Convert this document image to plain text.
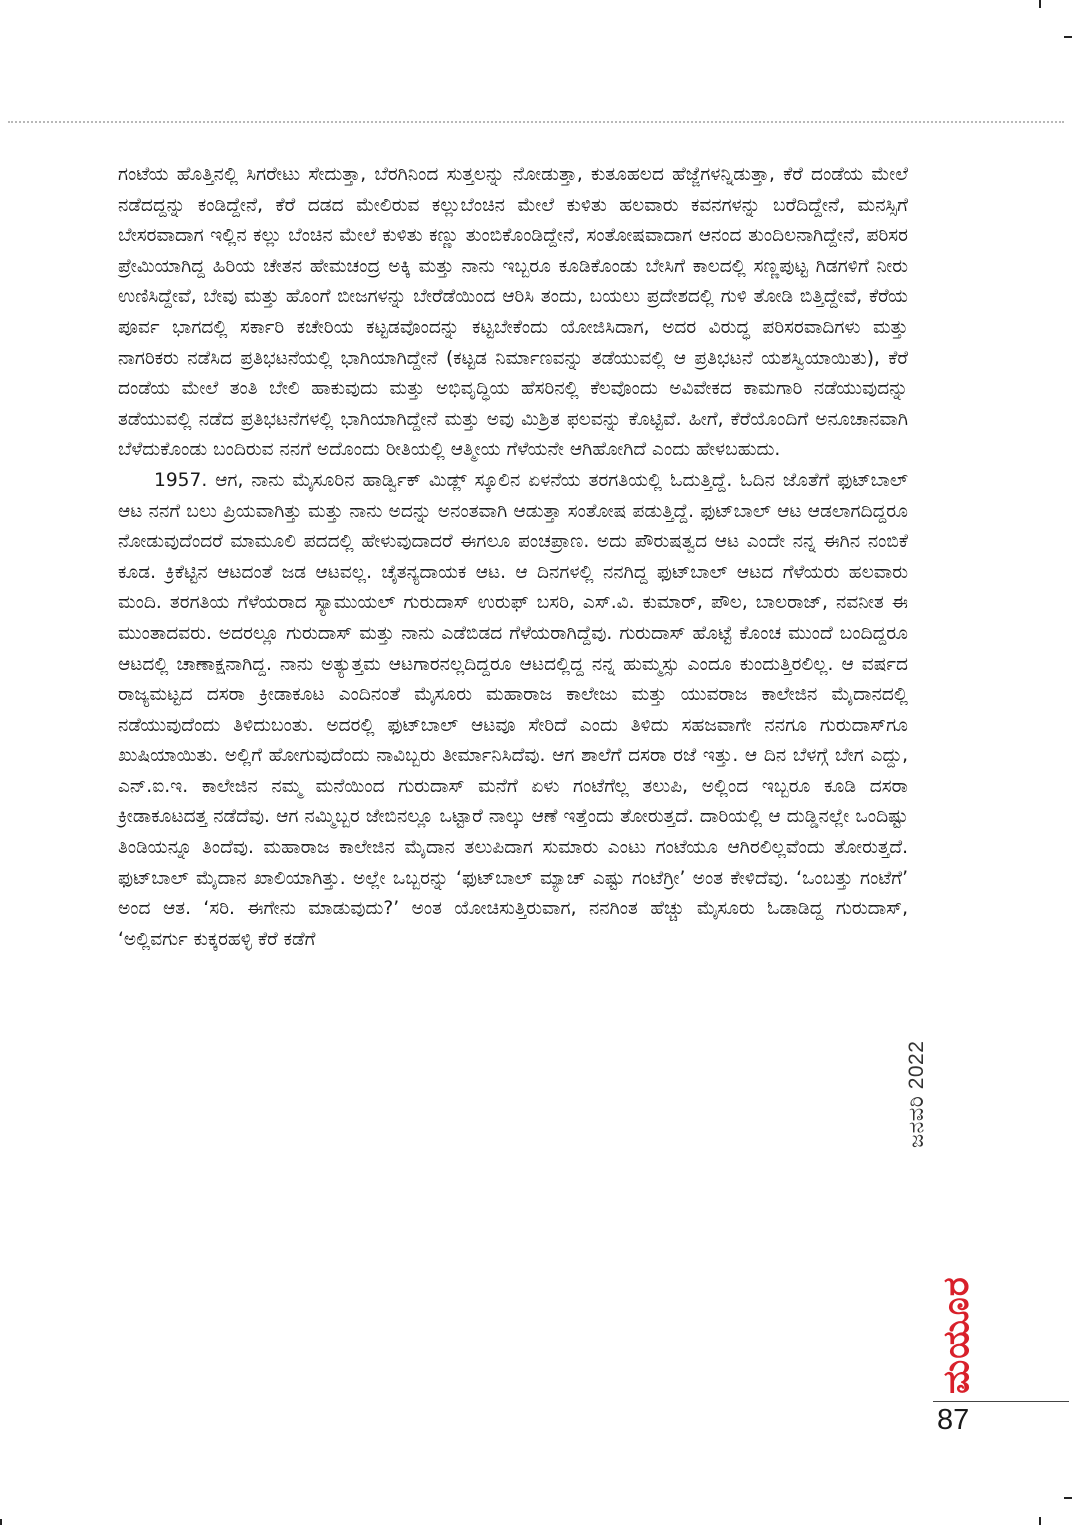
ಗಂಟೆಯ ಹೊತ್ತಿನಲ್ಲಿ ಸಿಗರೇಟು ಸೇದುತ್ತಾ, ಬೆರಗಿನಿಂದ ಸುತ್ತಲನ್ನು ನೋಡುತ್ತಾ, ಕುತೂಹಲದ ಹೆಜ್ಜೆಗಳನ್ನಿಡುತ್ತಾ, ಕೆರೆ ದಂಡೆಯ ಮೇಲೆ ನಡೆದದ್ದನ್ನು ಕಂಡಿದ್ದೇನೆ, ಕೆರೆ ದಡದ ಮೇಲಿರುವ ಕಲ್ಲುಬೆಂಚಿನ ಮೇಲೆ ಕುಳಿತು ಹಲವಾರು ಕವನಗಳನ್ನು ಬರೆದಿದ್ದೇನೆ, ಮನಸ್ಸಿಗೆ ಬೇಸರವಾದಾಗ ಇಲ್ಲಿನ ಕಲ್ಲು ಬೆಂಚಿನ ಮೇಲೆ ಕುಳಿತು ಕಣ್ಣು ತುಂಬಿಕೊಂಡಿದ್ದೇನೆ, ಸಂತೋಷವಾದಾಗ ಆನಂದ ತುಂದಿಲನಾಗಿದ್ದೇನೆ, ಪರಿಸರ ಪ್ರೇಮಿಯಾಗಿದ್ದ ಹಿರಿಯ ಚೇತನ ಹೇಮಚಂದ್ರ ಅಕ್ಕಿ ಮತ್ತು ನಾನು ಇಬ್ಬರೂ ಕೂಡಿಕೊಂಡು ಬೇಸಿಗೆ ಕಾಲದಲ್ಲಿ ಸಣ್ಣಪುಟ್ಟ ಗಿಡಗಳಿಗೆ ನೀರು ಉಣಿಸಿದ್ದೇವೆ, ಬೇವು ಮತ್ತು ಹೊಂಗೆ ಬೀಜಗಳನ್ನು ಬೇರೆಡೆಯಿಂದ ಆರಿಸಿ ತಂದು, ಬಯಲು ಪ್ರದೇಶದಲ್ಲಿ ಗುಳಿ ತೋಡಿ ಬಿತ್ತಿದ್ದೇವೆ, ಕೆರೆಯ ಪೂರ್ವ ಭಾಗದಲ್ಲಿ ಸರ್ಕಾರಿ ಕಚೇರಿಯ ಕಟ್ಟಡವೊಂದನ್ನು ಕಟ್ಟಬೇಕೆಂದು ಯೋಜಿಸಿದಾಗ, ಅದರ ವಿರುದ್ಧ ಪರಿಸರವಾದಿಗಳು ಮತ್ತು ನಾಗರಿಕರು ನಡೆಸಿದ ಪ್ರತಿಭಟನೆಯಲ್ಲಿ ಭಾಗಿಯಾಗಿದ್ದೇನೆ (ಕಟ್ಟಡ ನಿರ್ಮಾಣವನ್ನು ತಡೆಯುವಲ್ಲಿ ಆ ಪ್ರತಿಭಟನೆ ಯಶಸ್ವಿಯಾಯಿತು), ಕೆರೆ ದಂಡೆಯ ಮೇಲೆ ತಂತಿ ಬೇಲಿ ಹಾಕುವುದು ಮತ್ತು ಅಭಿವೃದ್ಧಿಯ ಹೆಸರಿನಲ್ಲಿ ಕೆಲವೊಂದು ಅವಿವೇಕದ ಕಾಮಗಾರಿ ನಡೆಯುವುದನ್ನು ತಡೆಯುವಲ್ಲಿ ನಡೆದ ಪ್ರತಿಭಟನೆಗಳಲ್ಲಿ ಭಾಗಿಯಾಗಿದ್ದೇನೆ ಮತ್ತು ಅವು ಮಿಶ್ರಿತ ಫಲವನ್ನು ಕೊಟ್ಟಿವೆ. ಹೀಗೆ, ಕೆರೆಯೊಂದಿಗೆ ಅನೂಚಾನವಾಗಿ ಬೆಳೆದುಕೊಂಡು ಬಂದಿರುವ ನನಗೆ ಅದೊಂದು ರೀತಿಯಲ್ಲಿ ಆತ್ಮೀಯ ಗೆಳೆಯನೇ ಆಗಿಹೋಗಿದೆ ಎಂದು ಹೇಳಬಹುದು.

1957. ಆಗ, ನಾನು ಮೈಸೂರಿನ ಹಾರ್ಡ್ವಿಕ್ ಮಿಡ್ಲ್ ಸ್ಕೂಲಿನ ಏಳನೆಯ ತರಗತಿಯಲ್ಲಿ ಓದುತ್ತಿದ್ದೆ. ಓದಿನ ಜೊತೆಗೆ ಫುಟ್‌ಬಾಲ್ ಆಟ ನನಗೆ ಬಲು ಪ್ರಿಯವಾಗಿತ್ತು ಮತ್ತು ನಾನು ಅದನ್ನು ಅನಂತವಾಗಿ ಆಡುತ್ತಾ ಸಂತೋಷ ಪಡುತ್ತಿದ್ದೆ. ಫುಟ್‌ಬಾಲ್ ಆಟ ಆಡಲಾಗದಿದ್ದರೂ ನೋಡುವುದೆಂದರೆ ಮಾಮೂಲಿ ಪದದಲ್ಲಿ ಹೇಳುವುದಾದರೆ ಈಗಲೂ ಪಂಚಪ್ರಾಣ. ಅದು ಪೌರುಷತ್ವದ ಆಟ ಎಂದೇ ನನ್ನ ಈಗಿನ ನಂಬಿಕೆ ಕೂಡ. ಕ್ರಿಕೆಟ್ಟಿನ ಆಟದಂತೆ ಜಡ ಆಟವಲ್ಲ. ಚೈತನ್ಯದಾಯಕ ಆಟ. ಆ ದಿನಗಳಲ್ಲಿ ನನಗಿದ್ದ ಫುಟ್‌ಬಾಲ್ ಆಟದ ಗೆಳೆಯರು ಹಲವಾರು ಮಂದಿ. ತರಗತಿಯ ಗೆಳೆಯರಾದ ಸ್ಯಾಮುಯಲ್ ಗುರುದಾಸ್ ಉರುಫ್ ಬಸರಿ, ಎಸ್.ವಿ. ಕುಮಾರ್, ಪೌಲ, ಬಾಲರಾಜ್, ನವನೀತ ಈ ಮುಂತಾದವರು. ಅದರಲ್ಲೂ ಗುರುದಾಸ್ ಮತ್ತು ನಾನು ಎಡೆಬಿಡದ ಗೆಳೆಯರಾಗಿದ್ದೆವು. ಗುರುದಾಸ್ ಹೊಟ್ಟೆ ಕೊಂಚ ಮುಂದೆ ಬಂದಿದ್ದರೂ ಆಟದಲ್ಲಿ ಚಾಣಾಕ್ಷನಾಗಿದ್ದ. ನಾನು ಅತ್ಯುತ್ತಮ ಆಟಗಾರನಲ್ಲದಿದ್ದರೂ ಆಟದಲ್ಲಿದ್ದ ನನ್ನ ಹುಮ್ಮಸ್ಸು ಎಂದೂ ಕುಂದುತ್ತಿರಲಿಲ್ಲ. ಆ ವರ್ಷದ ರಾಜ್ಯಮಟ್ಟದ ದಸರಾ ಕ್ರೀಡಾಕೂಟ ಎಂದಿನಂತೆ ಮೈಸೂರು ಮಹಾರಾಜ ಕಾಲೇಜು ಮತ್ತು ಯುವರಾಜ ಕಾಲೇಜಿನ ಮೈದಾನದಲ್ಲಿ ನಡೆಯುವುದೆಂದು ತಿಳಿದುಬಂತು. ಅದರಲ್ಲಿ ಫುಟ್‌ಬಾಲ್ ಆಟವೂ ಸೇರಿದೆ ಎಂದು ತಿಳಿದು ಸಹಜವಾಗೇ ನನಗೂ ಗುರುದಾಸ್‌ಗೂ ಖುಷಿಯಾಯಿತು. ಅಲ್ಲಿಗೆ ಹೋಗುವುದೆಂದು ನಾವಿಬ್ಬರು ತೀರ್ಮಾನಿಸಿದೆವು. ಆಗ ಶಾಲೆಗೆ ದಸರಾ ರಜೆ ಇತ್ತು. ಆ ದಿನ ಬೆಳಗ್ಗೆ ಬೇಗ ಎದ್ದು, ಎನ್.ಐ.ಇ. ಕಾಲೇಜಿನ ನಮ್ಮ ಮನೆಯಿಂದ ಗುರುದಾಸ್ ಮನೆಗೆ ಏಳು ಗಂಟೆಗೆಲ್ಲ ತಲುಪಿ, ಅಲ್ಲಿಂದ ಇಬ್ಬರೂ ಕೂಡಿ ದಸರಾ ಕ್ರೀಡಾಕೂಟದತ್ತ ನಡೆದೆವು. ಆಗ ನಮ್ಮಿಬ್ಬರ ಜೇಬಿನಲ್ಲೂ ಒಟ್ಟಾರೆ ನಾಲ್ಕು ಆಣೆ ಇತ್ತೆಂದು ತೋರುತ್ತದೆ. ದಾರಿಯಲ್ಲಿ ಆ ದುಡ್ಡಿನಲ್ಲೇ ಒಂದಿಷ್ಟು ತಿಂಡಿಯನ್ನೂ ತಿಂದೆವು. ಮಹಾರಾಜ ಕಾಲೇಜಿನ ಮೈದಾನ ತಲುಪಿದಾಗ ಸುಮಾರು ಎಂಟು ಗಂಟೆಯೂ ಆಗಿರಲಿಲ್ಲವೆಂದು ತೋರುತ್ತದೆ. ಫುಟ್‌ಬಾಲ್ ಮೈದಾನ ಖಾಲಿಯಾಗಿತ್ತು. ಅಲ್ಲೇ ಒಬ್ಬರನ್ನು ‘ಫುಟ್‌ಬಾಲ್ ಮ್ಯಾಚ್ ಎಷ್ಟು ಗಂಟೆಗ್ರೀ’ ಅಂತ ಕೇಳಿದೆವು. ‘ಒಂಬತ್ತು ಗಂಟೆಗೆ’ ಅಂದ ಆತ. ‘ಸರಿ. ಈಗೇನು ಮಾಡುವುದು?’ ಅಂತ ಯೋಚಿಸುತ್ತಿರುವಾಗ, ನನಗಿಂತ ಹೆಚ್ಚು ಮೈಸೂರು ಓಡಾಡಿದ್ದ ಗುರುದಾಸ್, ‘ಅಲ್ಲಿವರ್ಗು ಕುಕ್ಕರಹಳ್ಳಿ ಕೆರೆ ಕಡೆಗೆ

ಜನವರಿ 2022
ಮಯೂರ
87
